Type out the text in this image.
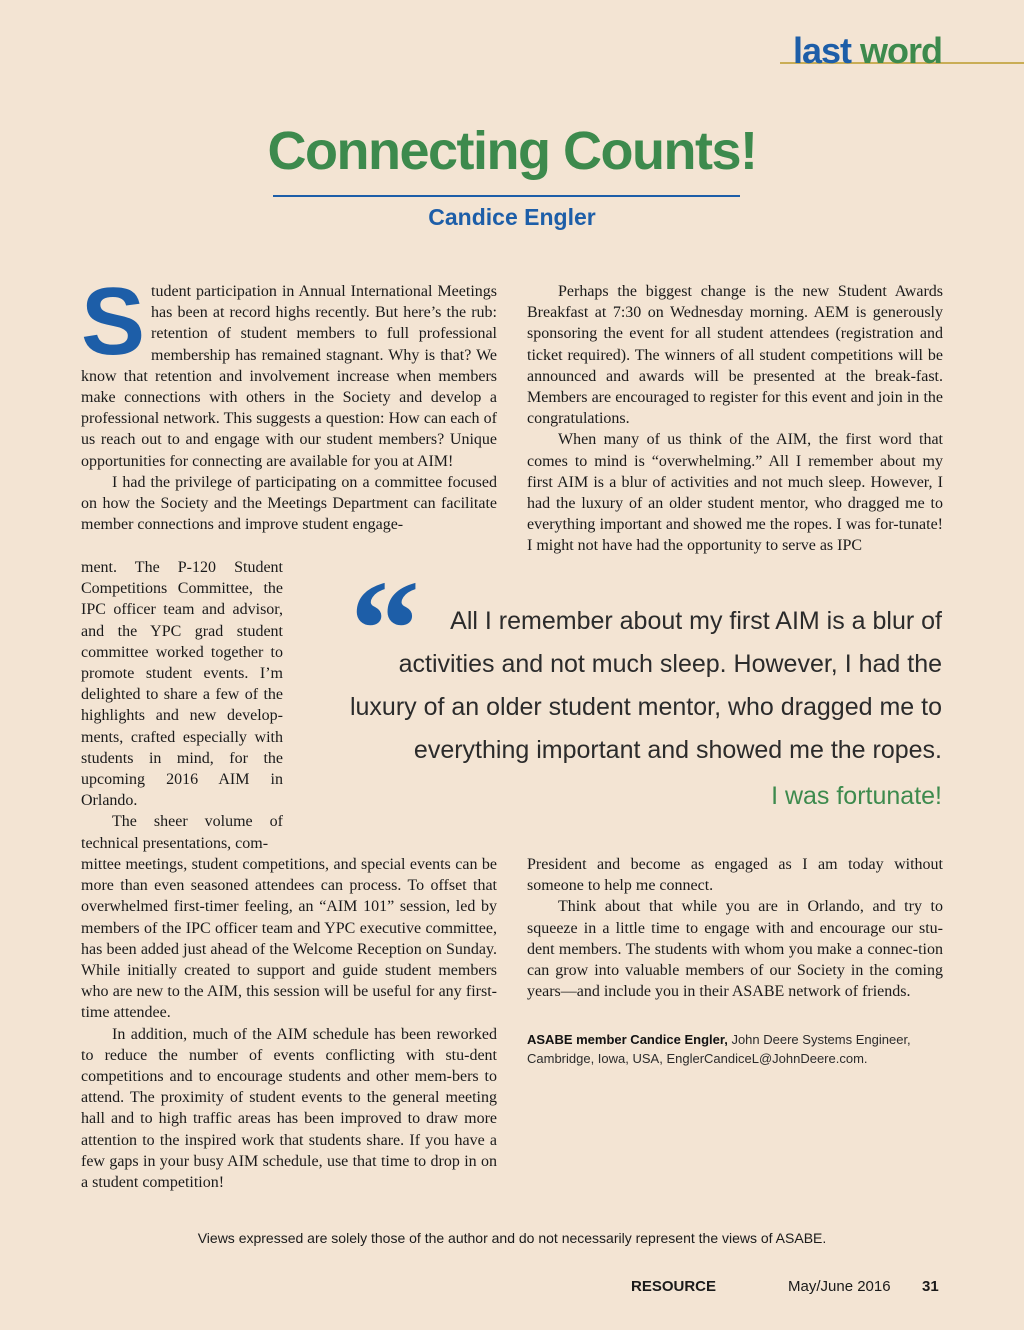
last word
Connecting Counts!
Candice Engler

Student participation in Annual International Meetings has been at record highs recently. But here’s the rub: retention of student members to full professional membership has remained stagnant. Why is that? We know that retention and involvement increase when members make connections with others in the Society and develop a professional network. This suggests a question: How can each of us reach out to and engage with our student members? Unique opportunities for connecting are available for you at AIM!

I had the privilege of participating on a committee focused on how the Society and the Meetings Department can facilitate member connections and improve student engage-

ment. The P-120 Student Competitions Committee, the IPC officer team and advisor, and the YPC grad student committee worked together to promote student events. I’m delighted to share a few of the highlights and new develop-ments, crafted especially with students in mind, for the upcoming 2016 AIM in Orlando.

The sheer volume of technical presentations, com-

mittee meetings, student competitions, and special events can be more than even seasoned attendees can process. To offset that overwhelmed first-timer feeling, an “AIM 101” session, led by members of the IPC officer team and YPC executive committee, has been added just ahead of the Welcome Reception on Sunday. While initially created to support and guide student members who are new to the AIM, this session will be useful for any first-time attendee.

In addition, much of the AIM schedule has been reworked to reduce the number of events conflicting with stu-dent competitions and to encourage students and other mem-bers to attend. The proximity of student events to the general meeting hall and to high traffic areas has been improved to draw more attention to the inspired work that students share. If you have a few gaps in your busy AIM schedule, use that time to drop in on a student competition!

Perhaps the biggest change is the new Student Awards Breakfast at 7:30 on Wednesday morning. AEM is generously sponsoring the event for all student attendees (registration and ticket required). The winners of all student competitions will be announced and awards will be presented at the break-fast. Members are encouraged to register for this event and join in the congratulations.

When many of us think of the AIM, the first word that comes to mind is “overwhelming.” All I remember about my first AIM is a blur of activities and not much sleep. However, I had the luxury of an older student mentor, who dragged me to everything important and showed me the ropes. I was for-tunate! I might not have had the opportunity to serve as IPC

“	All I remember about my first AIM is a blur of
activities and not much sleep. However, I had the
luxury of an older student mentor, who dragged me to
everything important and showed me the ropes.
I was fortunate!

President and become as engaged as I am today without someone to help me connect.

Think about that while you are in Orlando, and try to squeeze in a little time to engage with and encourage our stu-dent members. The students with whom you make a connec-tion can grow into valuable members of our Society in the coming years—and include you in their ASABE network of friends.

ASABE member Candice Engler, John Deere Systems Engineer, Cambridge, Iowa, USA, EnglerCandiceL@JohnDeere.com.
Views expressed are solely those of the author and do not necessarily represent the views of ASABE.
RESOURCE	May/June 2016 31
